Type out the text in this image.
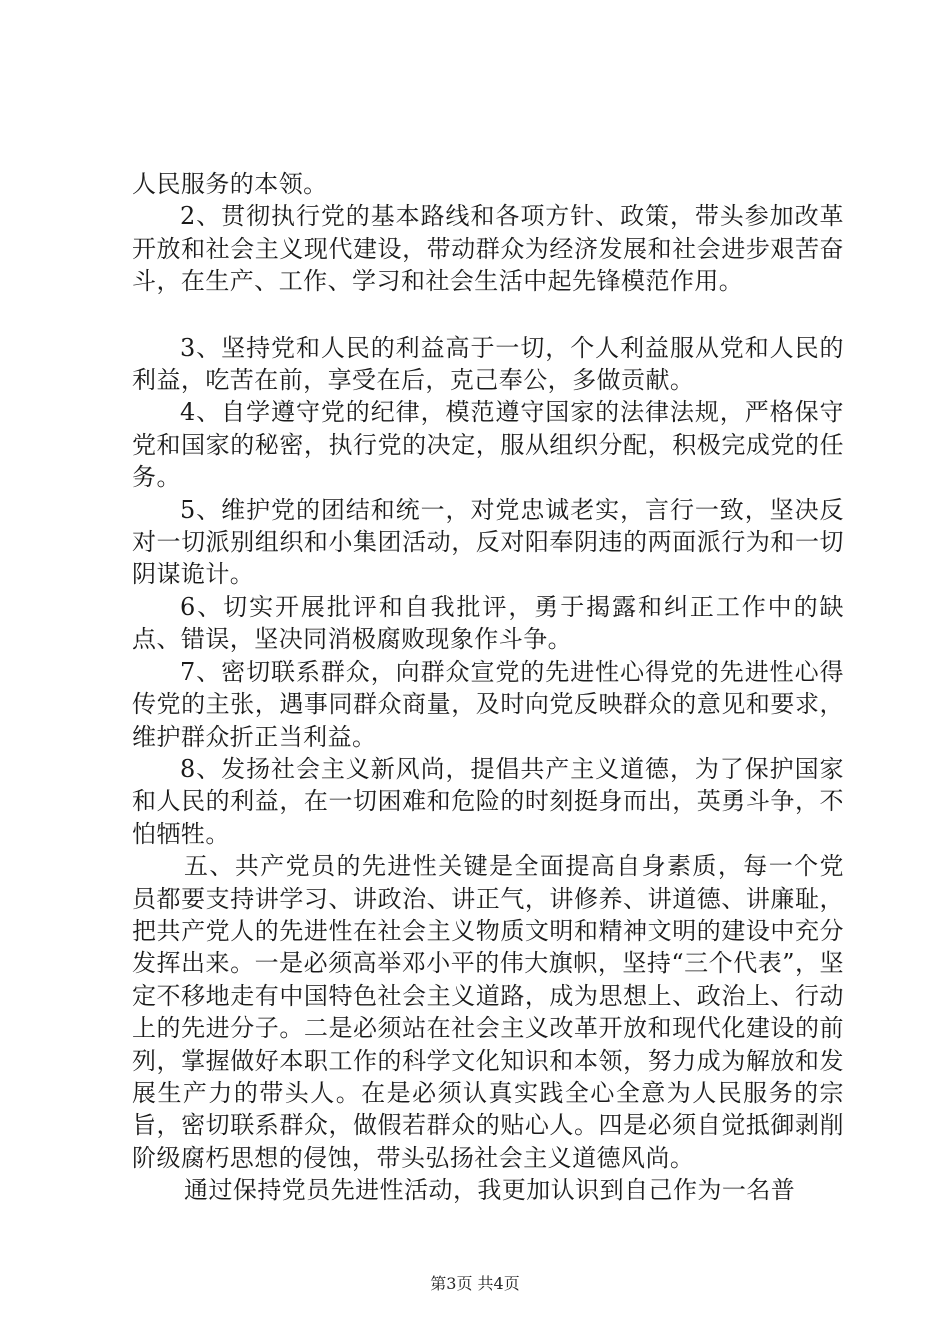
人民服务的本领。

2、贯彻执行党的基本路线和各项方针、政策，带头参加改革开放和社会主义现代建设，带动群众为经济发展和社会进步艰苦奋斗，在生产、工作、学习和社会生活中起先锋模范作用。

3、坚持党和人民的利益高于一切，个人利益服从党和人民的利益，吃苦在前，享受在后，克己奉公，多做贡献。

4、自学遵守党的纪律，模范遵守国家的法律法规，严格保守党和国家的秘密，执行党的决定，服从组织分配，积极完成党的任务。

5、维护党的团结和统一，对党忠诚老实，言行一致，坚决反对一切派别组织和小集团活动，反对阳奉阴违的两面派行为和一切阴谋诡计。

6、切实开展批评和自我批评，勇于揭露和纠正工作中的缺点、错误，坚决同消极腐败现象作斗争。

7、密切联系群众，向群众宣党的先进性心得党的先进性心得传党的主张，遇事同群众商量，及时向党反映群众的意见和要求，维护群众折正当利益。

8、发扬社会主义新风尚，提倡共产主义道德，为了保护国家和人民的利益，在一切困难和危险的时刻挺身而出，英勇斗争，不怕牺牲。

五、共产党员的先进性关键是全面提高自身素质，每一个党员都要支持讲学习、讲政治、讲正气，讲修养、讲道德、讲廉耻，把共产党人的先进性在社会主义物质文明和精神文明的建设中充分发挥出来。一是必须高举邓小平的伟大旗帜，坚持“三个代表”，坚定不移地走有中国特色社会主义道路，成为思想上、政治上、行动上的先进分子。二是必须站在社会主义改革开放和现代化建设的前列，掌握做好本职工作的科学文化知识和本领，努力成为解放和发展生产力的带头人。在是必须认真实践全心全意为人民服务的宗旨，密切联系群众，做假若群众的贴心人。四是必须自觉抵御剥削阶级腐朽思想的侵蚀，带头弘扬社会主义道德风尚。

通过保持党员先进性活动，我更加认识到自己作为一名普

第3页 共4页
